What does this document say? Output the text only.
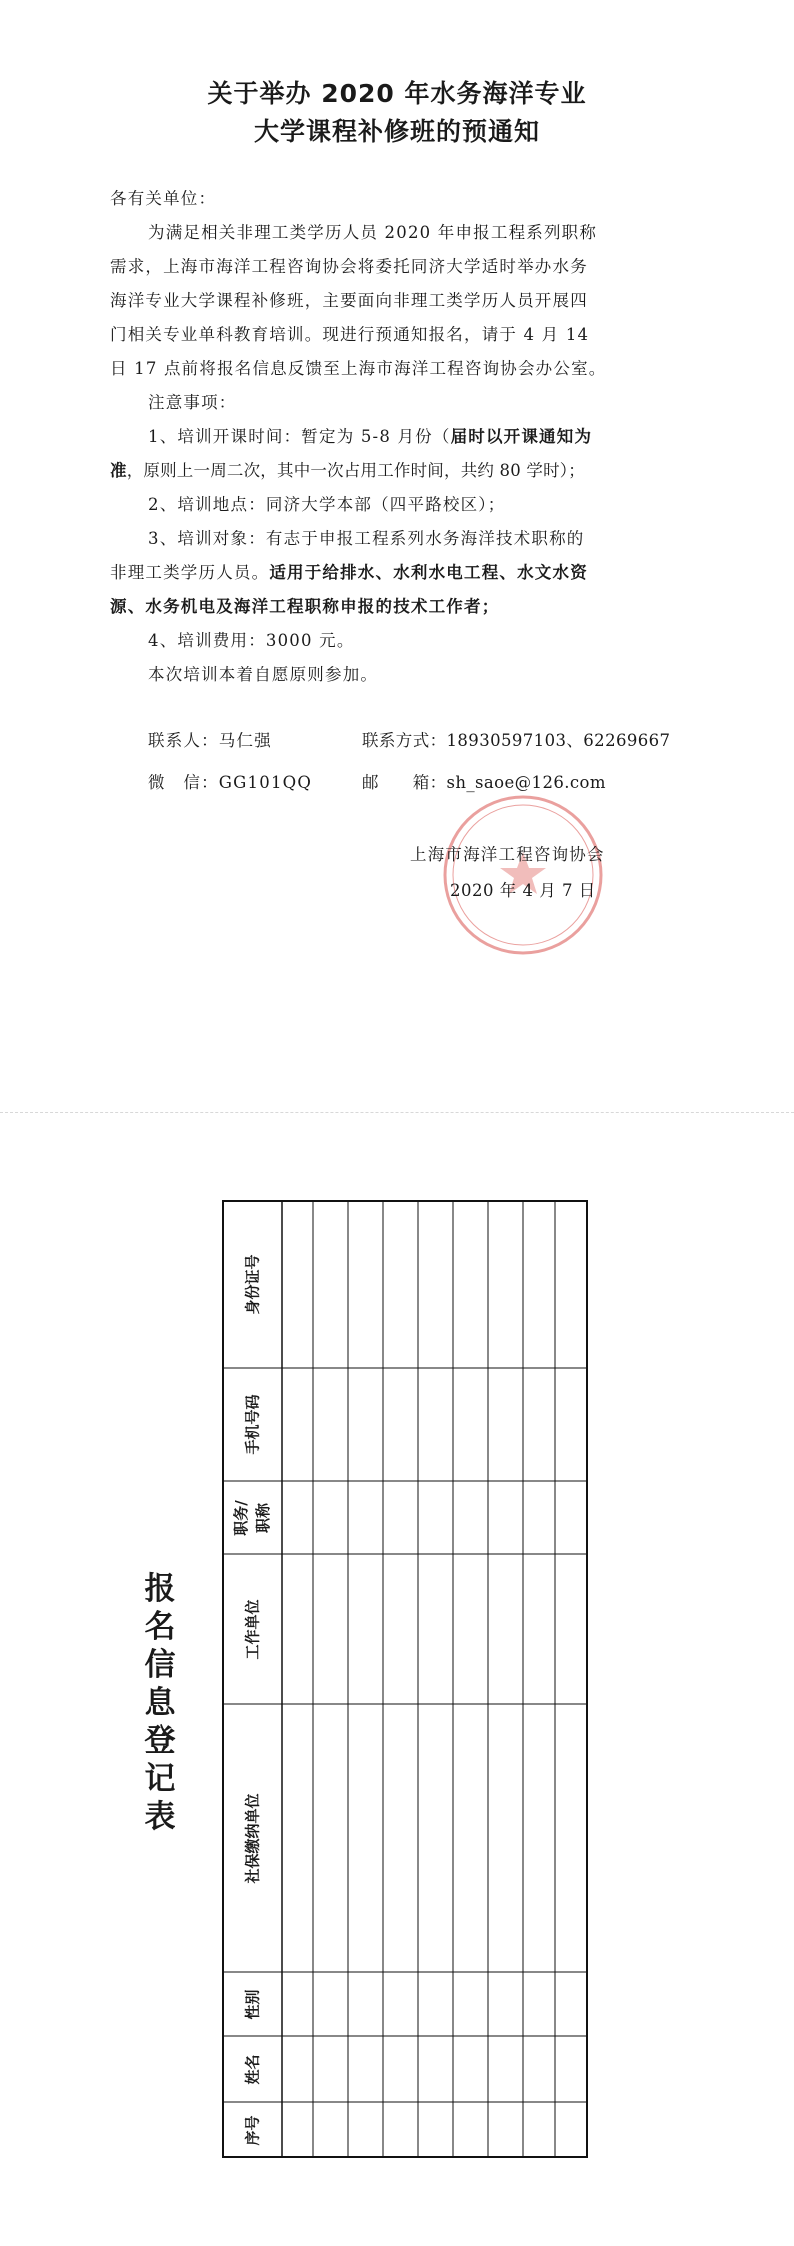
关于举办 2020 年水务海洋专业
大学课程补修班的预通知
各有关单位：
为满足相关非理工类学历人员 2020 年申报工程系列职称
需求，上海市海洋工程咨询协会将委托同济大学适时举办水务
海洋专业大学课程补修班，主要面向非理工类学历人员开展四
门相关专业单科教育培训。现进行预通知报名，请于 4 月 14
日 17 点前将报名信息反馈至上海市海洋工程咨询协会办公室。
注意事项：
1、培训开课时间：暂定为 5-8 月份（届时以开课通知为
准，原则上一周二次，其中一次占用工作时间，共约 80 学时）；
2、培训地点：同济大学本部（四平路校区）；
3、培训对象：有志于申报工程系列水务海洋技术职称的
非理工类学历人员。适用于给排水、水利水电工程、水文水资
源、水务机电及海洋工程职称申报的技术工作者；
4、培训费用：3000 元。
本次培训本着自愿原则参加。
联系人：马仁强	联系方式：18930597103、62269667
微　信：GG101QQ	邮　　箱：sh_saoe@126.com
上海市海洋工程咨询协会
2020 年 4 月 7 日
报名信息登记表
身份证号
手机号码
职务/职称
工作单位
社保缴纳单位
性别
姓名
序号
